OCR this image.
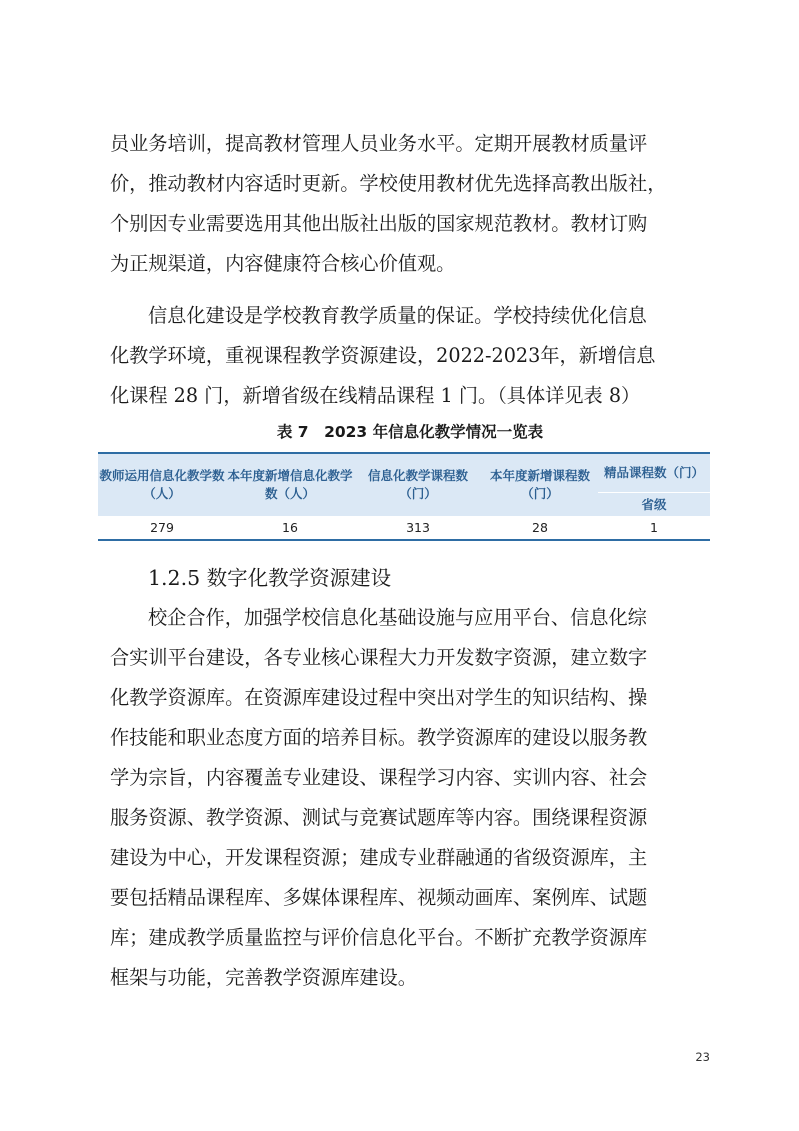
员业务培训，提高教材管理人员业务水平。定期开展教材质量评
价，推动教材内容适时更新。学校使用教材优先选择高教出版社，
个别因专业需要选用其他出版社出版的国家规范教材。教材订购
为正规渠道，内容健康符合核心价值观。
信息化建设是学校教育教学质量的保证。学校持续优化信息
化教学环境，重视课程教学资源建设，2022-2023年，新增信息
化课程 28 门，新增省级在线精品课程 1 门。（具体详见表 8）
表 7　2023 年信息化教学情况一览表
教师运用信息化教学数（人）	本年度新增信息化教学数（人）	信息化教学课程数（门）	本年度新增课程数（门）	精品课程数（门）
				省级
279	16	313	28	1
1.2.5 数字化教学资源建设
校企合作，加强学校信息化基础设施与应用平台、信息化综
合实训平台建设，各专业核心课程大力开发数字资源，建立数字
化教学资源库。在资源库建设过程中突出对学生的知识结构、操
作技能和职业态度方面的培养目标。教学资源库的建设以服务教
学为宗旨，内容覆盖专业建设、课程学习内容、实训内容、社会
服务资源、教学资源、测试与竞赛试题库等内容。围绕课程资源
建设为中心，开发课程资源；建成专业群融通的省级资源库，主
要包括精品课程库、多媒体课程库、视频动画库、案例库、试题
库；建成教学质量监控与评价信息化平台。不断扩充教学资源库
框架与功能，完善教学资源库建设。
23
